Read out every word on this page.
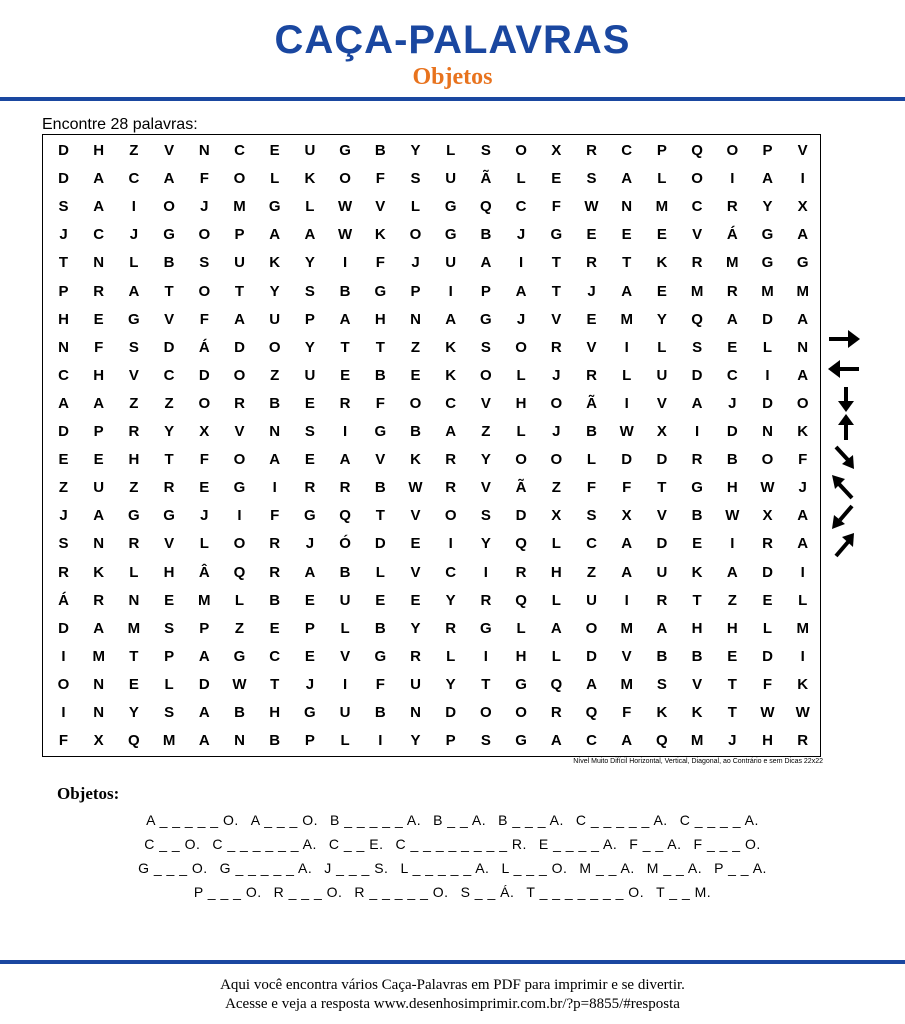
CAÇA-PALAVRAS
Objetos
Encontre 28 palavras:
D	H	Z	V	N	C	E	U	G	B	Y	L	S	O	X	R	C	P	Q	O	P	V
D	A	C	A	F	O	L	K	O	F	S	U	Ã	L	E	S	A	L	O	I	A	I
S	A	I	O	J	M	G	L	W	V	L	G	Q	C	F	W	N	M	C	R	Y	X
J	C	J	G	O	P	A	A	W	K	O	G	B	J	G	E	E	E	V	Á	G	A
T	N	L	B	S	U	K	Y	I	F	J	U	A	I	T	R	T	K	R	M	G	G
P	R	A	T	O	T	Y	S	B	G	P	I	P	A	T	J	A	E	M	R	M	M
H	E	G	V	F	A	U	P	A	H	N	A	G	J	V	E	M	Y	Q	A	D	A
N	F	S	D	Á	D	O	Y	T	T	Z	K	S	O	R	V	I	L	S	E	L	N
C	H	V	C	D	O	Z	U	E	B	E	K	O	L	J	R	L	U	D	C	I	A
A	A	Z	Z	O	R	B	E	R	F	O	C	V	H	O	Ã	I	V	A	J	D	O
D	P	R	Y	X	V	N	S	I	G	B	A	Z	L	J	B	W	X	I	D	N	K
E	E	H	T	F	O	A	E	A	V	K	R	Y	O	O	L	D	D	R	B	O	F
Z	U	Z	R	E	G	I	R	R	B	W	R	V	Ã	Z	F	F	T	G	H	W	J
J	A	G	G	J	I	F	G	Q	T	V	O	S	D	X	S	X	V	B	W	X	A
S	N	R	V	L	O	R	J	Ó	D	E	I	Y	Q	L	C	A	D	E	I	R	A
R	K	L	H	Â	Q	R	A	B	L	V	C	I	R	H	Z	A	U	K	A	D	I
Á	R	N	E	M	L	B	E	U	E	E	Y	R	Q	L	U	I	R	T	Z	E	L
D	A	M	S	P	Z	E	P	L	B	Y	R	G	L	A	O	M	A	H	H	L	M
I	M	T	P	A	G	C	E	V	G	R	L	I	H	L	D	V	B	B	E	D	I
O	N	E	L	D	W	T	J	I	F	U	Y	T	G	Q	A	M	S	V	T	F	K
I	N	Y	S	A	B	H	G	U	B	N	D	O	O	R	Q	F	K	K	T	W	W
F	X	Q	M	A	N	B	P	L	I	Y	P	S	G	A	C	A	Q	M	J	H	R
Nível Muito Difícil Horizontal, Vertical, Diagonal, ao Contrário e sem Dicas 22x22
Objetos:
A _ _ _ _ _ O. A _ _ _ O. B _ _ _ _ _ A. B _ _ A. B _ _ _ A. C _ _ _ _ _ A. C _ _ _ _ A.
C _ _ O. C _ _ _ _ _ _ A. C _ _ E. C _ _ _ _ _ _ _ _ R. E _ _ _ _ A. F _ _ A. F _ _ _ O.
G _ _ _ O. G _ _ _ _ _ A. J _ _ _ S. L _ _ _ _ _ A. L _ _ _ O. M _ _ A. M _ _ A. P _ _ A.
P _ _ _ O. R _ _ _ O. R _ _ _ _ _ O. S _ _ Á. T _ _ _ _ _ _ _ O. T _ _ M.
Aqui você encontra vários Caça-Palavras em PDF para imprimir e se divertir.
Acesse e veja a resposta www.desenhosimprimir.com.br/?p=8855/#resposta
